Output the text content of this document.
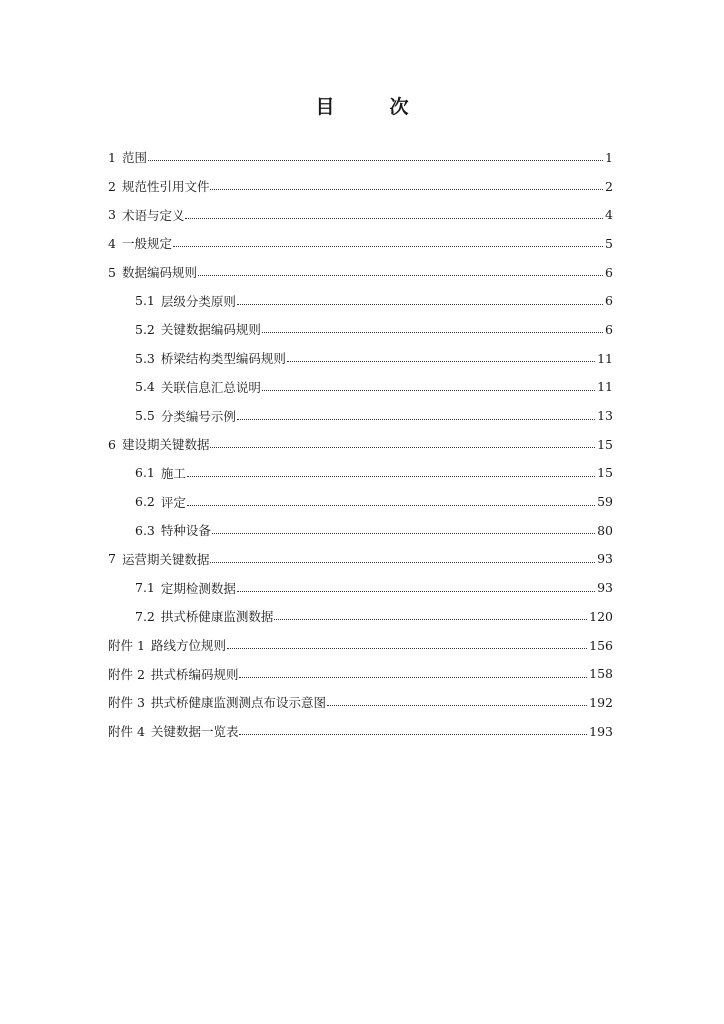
目　次
1 范围	1
2 规范性引用文件	2
3 术语与定义	4
4 一般规定	5
5 数据编码规则	6
5.1 层级分类原则	6
5.2 关键数据编码规则	6
5.3 桥梁结构类型编码规则	11
5.4 关联信息汇总说明	11
5.5 分类编号示例	13
6 建设期关键数据	15
6.1 施工	15
6.2 评定	59
6.3 特种设备	80
7 运营期关键数据	93
7.1 定期检测数据	93
7.2 拱式桥健康监测数据	120
附件 1 路线方位规则	156
附件 2 拱式桥编码规则	158
附件 3 拱式桥健康监测测点布设示意图	192
附件 4 关键数据一览表	193
